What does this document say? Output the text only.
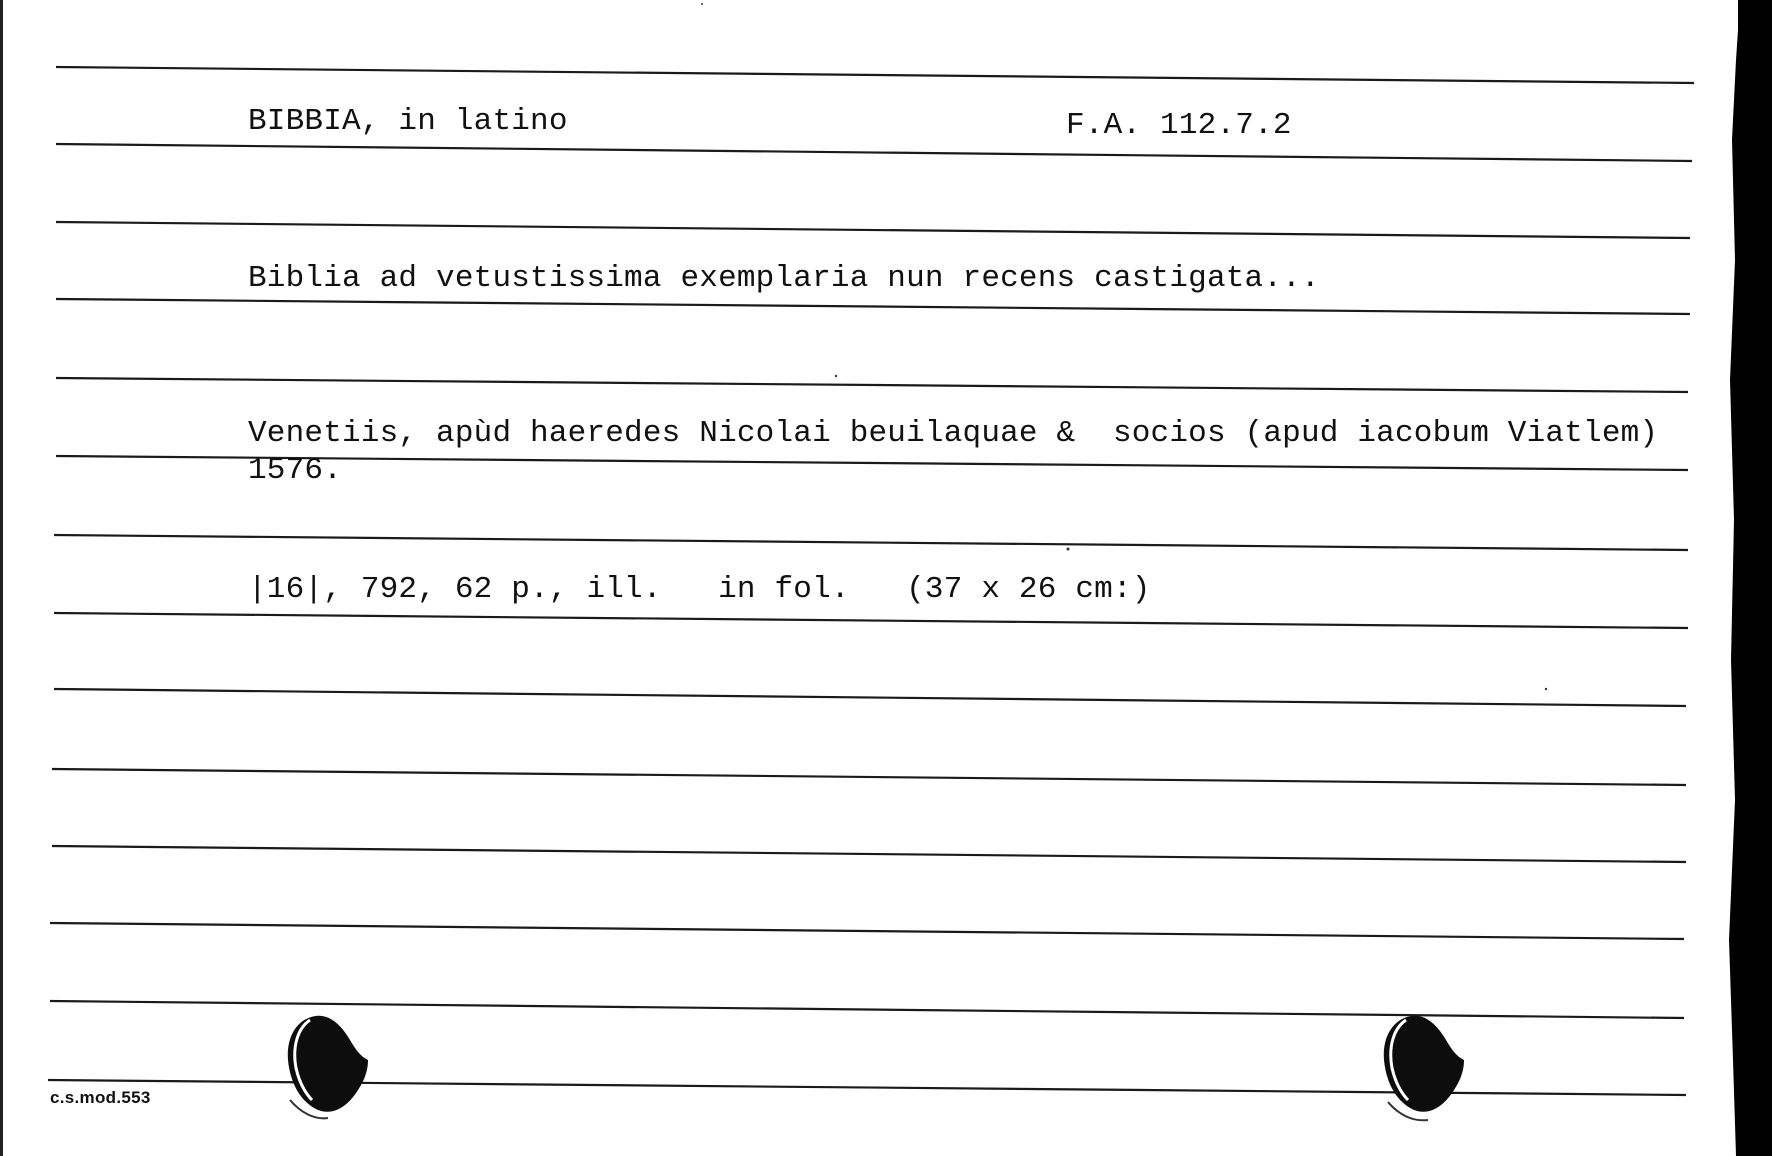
BIBBIA, in latino	F.A. 112.7.2
Biblia ad vetustissima exemplaria nun recens castigata...
Venetiis, apùd haeredes Nicolai beuilaquae &  socios (apud iacobum Viatlem)
1576.
|16|, 792, 62 p., ill.   in fol.   (37 x 26 cm:)
c.s.mod.553
